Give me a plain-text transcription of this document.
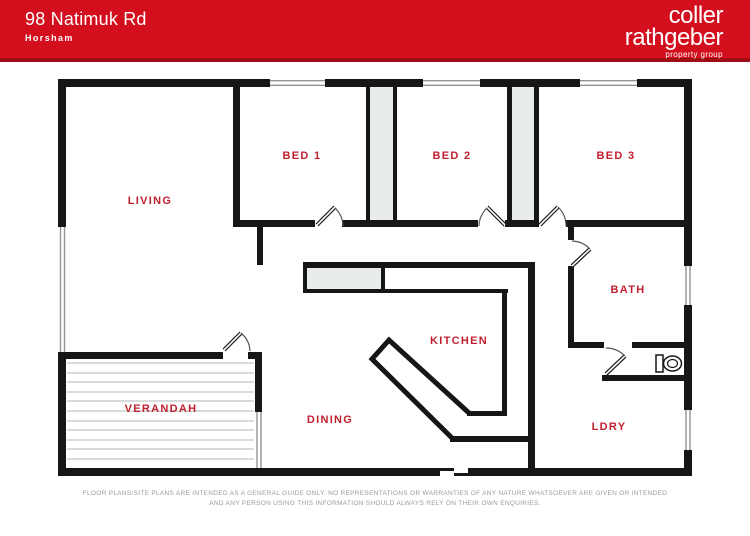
98 Natimuk Rd
Horsham
coller
rathgeber
property group
LIVING
BED 1	BED 2	BED 3
BATH
KITCHEN
DINING
VERANDAH
LDRY
FLOOR PLANS/SITE PLANS ARE INTENDED AS A GENERAL GUIDE ONLY. NO REPRESENTATIONS OR WARRANTIES OF ANY NATURE WHATSOEVER ARE GIVEN OR INTENDED
AND ANY PERSON USING THIS INFORMATION SHOULD ALWAYS RELY ON THEIR OWN ENQUIRIES.
